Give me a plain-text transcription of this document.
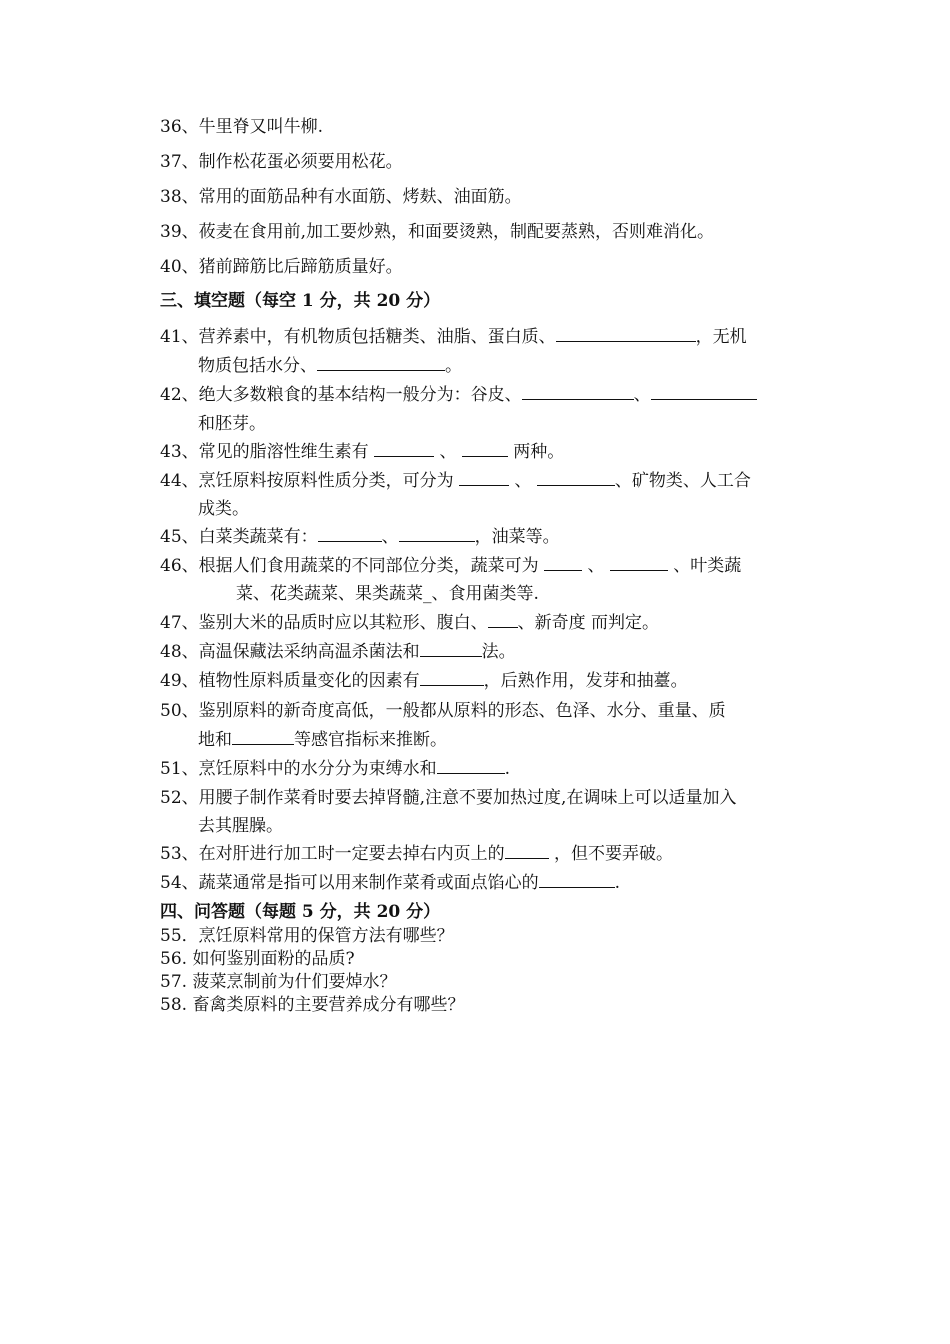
36、牛里脊又叫牛柳.
37、制作松花蛋必须要用松花。
38、常用的面筋品种有水面筋、烤麸、油面筋。
39、莜麦在食用前,加工要炒熟，和面要烫熟，制配要蒸熟，否则难消化。
40、猪前蹄筋比后蹄筋质量好。
三、填空题（每空 1 分，共 20 分）
41、营养素中，有机物质包括糖类、油脂、蛋白质、	，无机
物质包括水分、	。
42、绝大多数粮食的基本结构一般分为：谷皮、	、
和胚芽。
43、常见的脂溶性维生素有	、	两种。
44、烹饪原料按原料性质分类，可分为	、	、矿物类、人工合
成类。
45、白菜类蔬菜有：	、	，油菜等。
46、根据人们食用蔬菜的不同部位分类，蔬菜可为	、	、叶类蔬
菜、花类蔬菜、果类蔬菜_、食用菌类等.
47、鉴别大米的品质时应以其粒形、腹白、 、新奇度 而判定。
48、高温保藏法采纳高温杀菌法和	法。
49、植物性原料质量变化的因素有	，后熟作用，发芽和抽薹。
50、鉴别原料的新奇度高低，一般都从原料的形态、色泽、水分、重量、质
地和	等感官指标来推断。
51、烹饪原料中的水分分为束缚水和	.
52、用腰子制作菜肴时要去掉肾髓,注意不要加热过度,在调味上可以适量加入
去其腥臊。
53、在对肝进行加工时一定要去掉右内页上的	，但不要弄破。
54、蔬菜通常是指可以用来制作菜肴或面点馅心的	.
四、问答题（每题 5 分，共 20 分）
55．烹饪原料常用的保管方法有哪些？
56. 如何鉴别面粉的品质?
57. 菠菜烹制前为什们要焯水？
58. 畜禽类原料的主要营养成分有哪些？
